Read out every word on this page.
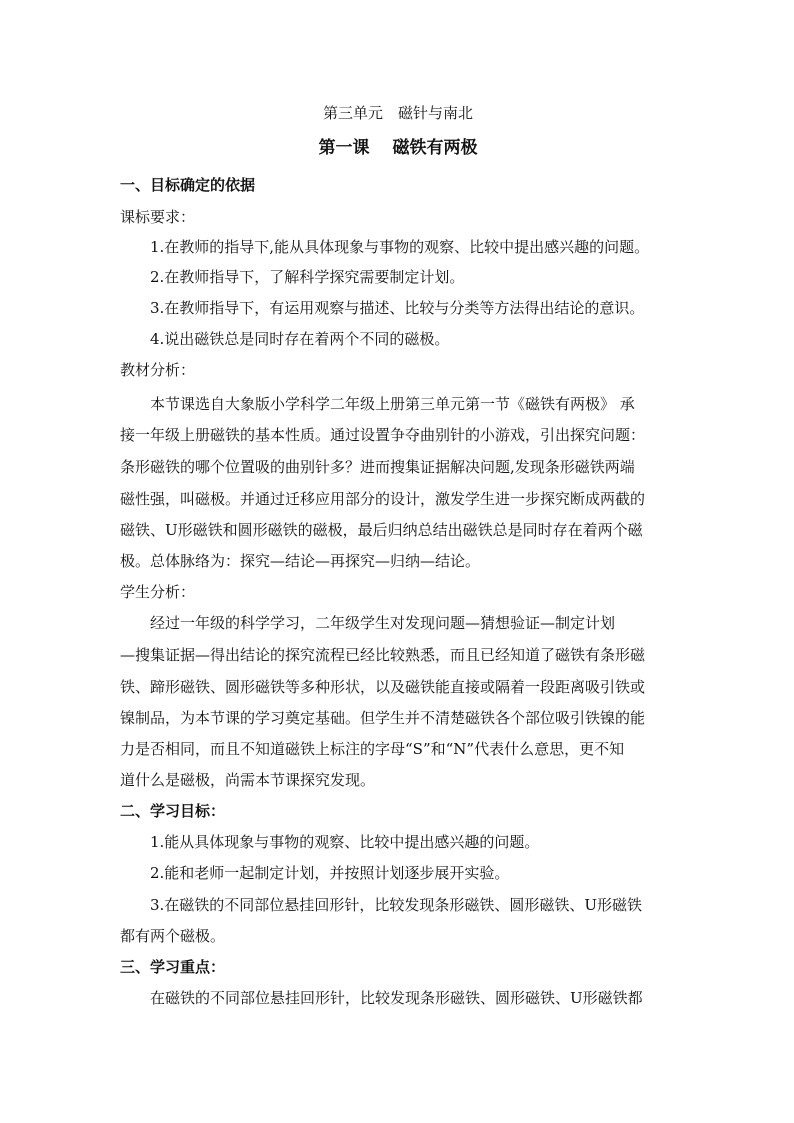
第三单元　磁针与南北
第一课　 磁铁有两极
一、目标确定的依据
课标要求：
1.在教师的指导下,能从具体现象与事物的观察、比较中提出感兴趣的问题。
2.在教师指导下，了解科学探究需要制定计划。
3.在教师指导下，有运用观察与描述、比较与分类等方法得出结论的意识。
4.说出磁铁总是同时存在着两个不同的磁极。
教材分析：
本节课选自大象版小学科学二年级上册第三单元第一节《磁铁有两极》 承
接一年级上册磁铁的基本性质。通过设置争夺曲别针的小游戏，引出探究问题：
条形磁铁的哪个位置吸的曲别针多？进而搜集证据解决问题,发现条形磁铁两端
磁性强，叫磁极。并通过迁移应用部分的设计，激发学生进一步探究断成两截的
磁铁、U形磁铁和圆形磁铁的磁极，最后归纳总结出磁铁总是同时存在着两个磁
极。总体脉络为：探究—结论—再探究—归纳—结论。
学生分析：
经过一年级的科学学习，二年级学生对发现问题—猜想验证—制定计划
—搜集证据—得出结论的探究流程已经比较熟悉，而且已经知道了磁铁有条形磁
铁、蹄形磁铁、圆形磁铁等多种形状，以及磁铁能直接或隔着一段距离吸引铁或
镍制品，为本节课的学习奠定基础。但学生并不清楚磁铁各个部位吸引铁镍的能
力是否相同，而且不知道磁铁上标注的字母“S”和“N”代表什么意思，更不知
道什么是磁极，尚需本节课探究发现。
二、学习目标：
1.能从具体现象与事物的观察、比较中提出感兴趣的问题。
2.能和老师一起制定计划，并按照计划逐步展开实验。
3.在磁铁的不同部位悬挂回形针，比较发现条形磁铁、圆形磁铁、U形磁铁
都有两个磁极。
三、学习重点：
在磁铁的不同部位悬挂回形针，比较发现条形磁铁、圆形磁铁、U形磁铁都
